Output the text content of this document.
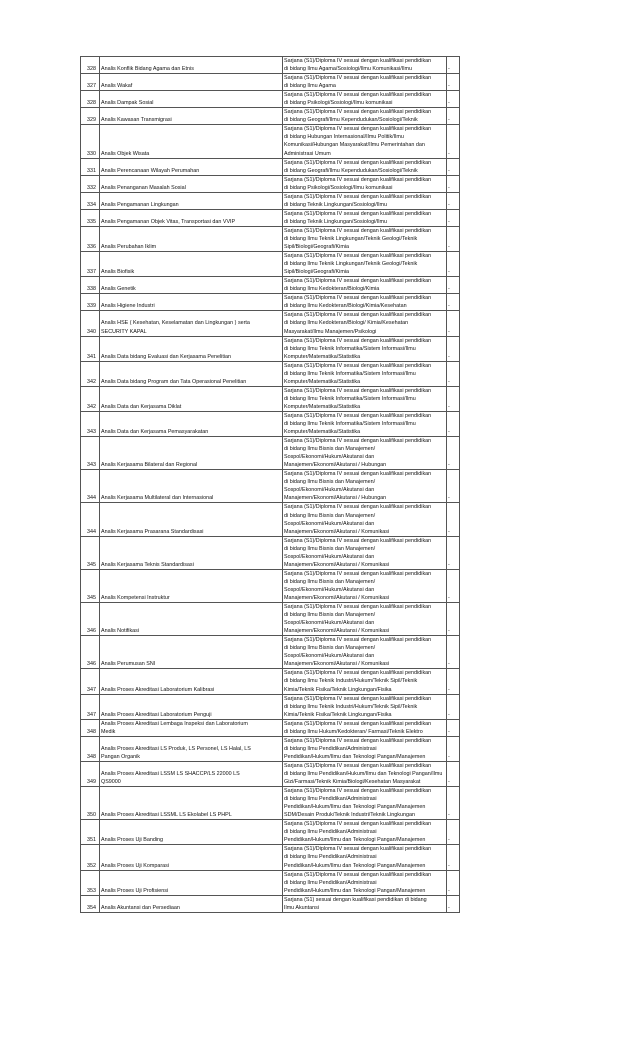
328	Analis Konflik Bidang Agama dan Etnis	Sarjana (S1)/Diploma IV sesuai dengan kualifikasi pendidikan
di bidang Ilmu Agama/Sosiologi/Ilmu Komunikasi/Ilmu	-
327	Analis Wakaf	Sarjana (S1)/Diploma IV sesuai dengan kualifikasi pendidikan
di bidang Ilmu Agama	-
328	Analis Dampak Sosial	Sarjana (S1)/Diploma IV sesuai dengan kualifikasi pendidikan
di bidang Psikologi/Sosiologi/Ilmu komunikasi	-
329	Analis Kawasan Transmigrasi	Sarjana (S1)/Diploma IV sesuai dengan kualifikasi pendidikan
di bidang Geografi/Ilmu Kependudukan/Sosiologi/Teknik	-
330	Analis Objek Wisata	Sarjana (S1)/Diploma IV sesuai dengan kualifikasi pendidikan
di bidang Hubungan Internasional/Ilmu Politik/Ilmu
Komunikasi/Hubungan Masyarakat/Ilmu Pemerintahan dan
Administrasi Umum	-
331	Analis Perencanaan Wilayah Perumahan	Sarjana (S1)/Diploma IV sesuai dengan kualifikasi pendidikan
di bidang Geografi/Ilmu Kependudukan/Sosiologi/Teknik	-
332	Analis Penanganan Masalah Sosial	Sarjana (S1)/Diploma IV sesuai dengan kualifikasi pendidikan
di bidang Psikologi/Sosiologi/Ilmu komunikasi	-
334	Analis Pengamanan Lingkungan	Sarjana (S1)/Diploma IV sesuai dengan kualifikasi pendidikan
di bidang Teknik Lingkungan/Sosiologi/Ilmu	-
335	Analis Pengamanan Objek Vitas, Transportasi dan VVIP	Sarjana (S1)/Diploma IV sesuai dengan kualifikasi pendidikan
di bidang Teknik Lingkungan/Sosiologi/Ilmu	-
336	Analis Perubahan Iklim	Sarjana (S1)/Diploma IV sesuai dengan kualifikasi pendidikan
di bidang Ilmu Teknik Lingkungan/Teknik Geologi/Teknik
Sipil/Biologi/Geografi/Kimia	-
337	Analis Biofisik	Sarjana (S1)/Diploma IV sesuai dengan kualifikasi pendidikan
di bidang Ilmu Teknik Lingkungan/Teknik Geologi/Teknik
Sipil/Biologi/Geografi/Kimia	-
338	Analis Genetik	Sarjana (S1)/Diploma IV sesuai dengan kualifikasi pendidikan
di bidang Ilmu Kedokteran/Biologi/Kimia	-
339	Analis Higiene Industri	Sarjana (S1)/Diploma IV sesuai dengan kualifikasi pendidikan
di bidang Ilmu Kedokteran/Biologi/Kimia/Kesehatan	-
340	Analis HSE ( Kesehatan, Keselamatan dan Lingkungan ) serta
SECURITY KAPAL	Sarjana (S1)/Diploma IV sesuai dengan kualifikasi pendidikan
di bidang Ilmu Kedokteran/Biologi/ Kimia/Kesehatan
Masyarakat/Ilmu Manajemen/Psikologi	-
341	Analis Data bidang Evaluasi dan Kerjasama Penelitian	Sarjana (S1)/Diploma IV sesuai dengan kualifikasi pendidikan
di bidang Ilmu Teknik Informatika/Sistem Informasi/Ilmu
Komputer/Matematika/Statistika	-
342	Analis Data bidang Program dan Tata Operasional Penelitian	Sarjana (S1)/Diploma IV sesuai dengan kualifikasi pendidikan
di bidang Ilmu Teknik Informatika/Sistem Informasi/Ilmu
Komputer/Matematika/Statistika	-
342	Analis Data dan Kerjasama Diklat	Sarjana (S1)/Diploma IV sesuai dengan kualifikasi pendidikan
di bidang Ilmu Teknik Informatika/Sistem Informasi/Ilmu
Komputer/Matematika/Statistika	-
343	Analis Data dan Kerjasama Pemasyarakatan	Sarjana (S1)/Diploma IV sesuai dengan kualifikasi pendidikan
di bidang Ilmu Teknik Informatika/Sistem Informasi/Ilmu
Komputer/Matematika/Statistika	-
343	Analis Kerjasama Bilateral dan Regional	Sarjana (S1)/Diploma IV sesuai dengan kualifikasi pendidikan
di bidang Ilmu Bisnis dan Manajemen/
Sospol/Ekonomi/Hukum/Akutansi dan
Manajemen/Ekonomi/Akutansi / Hubungan	-
344	Analis Kerjasama Multilateral dan Internasional	Sarjana (S1)/Diploma IV sesuai dengan kualifikasi pendidikan
di bidang Ilmu Bisnis dan Manajemen/
Sospol/Ekonomi/Hukum/Akutansi dan
Manajemen/Ekonomi/Akutansi / Hubungan	-
344	Analis Kerjasama Prasarana Standardisasi	Sarjana (S1)/Diploma IV sesuai dengan kualifikasi pendidikan
di bidang Ilmu Bisnis dan Manajemen/
Sospol/Ekonomi/Hukum/Akutansi dan
Manajemen/Ekonomi/Akutansi / Komunikasi	-
345	Analis Kerjasama Teknis Standardisasi	Sarjana (S1)/Diploma IV sesuai dengan kualifikasi pendidikan
di bidang Ilmu Bisnis dan Manajemen/
Sospol/Ekonomi/Hukum/Akutansi dan
Manajemen/Ekonomi/Akutansi / Komunikasi	-
345	Analis Kompetensi Instruktur	Sarjana (S1)/Diploma IV sesuai dengan kualifikasi pendidikan
di bidang Ilmu Bisnis dan Manajemen/
Sospol/Ekonomi/Hukum/Akutansi dan
Manajemen/Ekonomi/Akutansi / Komunikasi	-
346	Analis Notifikasi	Sarjana (S1)/Diploma IV sesuai dengan kualifikasi pendidikan
di bidang Ilmu Bisnis dan Manajemen/
Sospol/Ekonomi/Hukum/Akutansi dan
Manajemen/Ekonomi/Akutansi / Komunikasi	-
346	Analis Perumusan SNI	Sarjana (S1)/Diploma IV sesuai dengan kualifikasi pendidikan
di bidang Ilmu Bisnis dan Manajemen/
Sospol/Ekonomi/Hukum/Akutansi dan
Manajemen/Ekonomi/Akutansi / Komunikasi	-
347	Analis Proses Akreditasi Laboratorium Kalibrasi	Sarjana (S1)/Diploma IV sesuai dengan kualifikasi pendidikan
di bidang Ilmu Teknik Industri/Hukum/Teknik Sipil/Teknik
Kimia/Teknik Fisika/Teknik Lingkungan/Fisika	-
347	Analis Proses Akreditasi Laboratorium Penguji	Sarjana (S1)/Diploma IV sesuai dengan kualifikasi pendidikan
di bidang Ilmu Teknik Industri/Hukum/Teknik Sipil/Teknik
Kimia/Teknik Fisika/Teknik Lingkungan/Fisika	-
348	Analis Proses Akreditasi Lembaga Inspeksi dan Laboratorium
Medik	Sarjana (S1)/Diploma IV sesuai dengan kualifikasi pendidikan
di bidang Ilmu Hukum/Kedokteran/ Farmasi/Teknik Elektro	-
348	Analis Proses Akreditasi LS Produk, LS Personel, LS Halal, LS
Pangan Organik	Sarjana (S1)/Diploma IV sesuai dengan kualifikasi pendidikan
di bidang Ilmu Pendidikan/Administrasi
Pendidikan/Hukum/Ilmu dan Teknologi Pangan/Manajemen	-
349	Analis Proses Akreditasi LSSM LS SHACCP/LS 22000 LS
QS9000	Sarjana (S1)/Diploma IV sesuai dengan kualifikasi pendidikan
di bidang Ilmu Pendidikan/Hukum/Ilmu dan Teknologi Pangan/Ilmu
Gizi/Farmasi/Teknik Kimia/Biologi/Kesehatan Masyarakat	-
350	Analis Proses Akreditasi LSSML LS Ekolabel LS PHPL	Sarjana (S1)/Diploma IV sesuai dengan kualifikasi pendidikan
di bidang Ilmu Pendidikan/Administrasi
Pendidikan/Hukum/Ilmu dan Teknologi Pangan/Manajemen
SDM/Desain Produk/Teknik Industri/Teknik Lingkungan	-
351	Analis Proses Uji Banding	Sarjana (S1)/Diploma IV sesuai dengan kualifikasi pendidikan
di bidang Ilmu Pendidikan/Administrasi
Pendidikan/Hukum/Ilmu dan Teknologi Pangan/Manajemen	-
352	Analis Proses Uji Komparasi	Sarjana (S1)/Diploma IV sesuai dengan kualifikasi pendidikan
di bidang Ilmu Pendidikan/Administrasi
Pendidikan/Hukum/Ilmu dan Teknologi Pangan/Manajemen	-
353	Analis Proses Uji Profisiensi	Sarjana (S1)/Diploma IV sesuai dengan kualifikasi pendidikan
di bidang Ilmu Pendidikan/Administrasi
Pendidikan/Hukum/Ilmu dan Teknologi Pangan/Manajemen	-
354	Analis Akuntansi dan Persediaan	Sarjana (S1) sesuai dengan kualifikasi pendidikan di bidang
Ilmu Akuntansi	-
